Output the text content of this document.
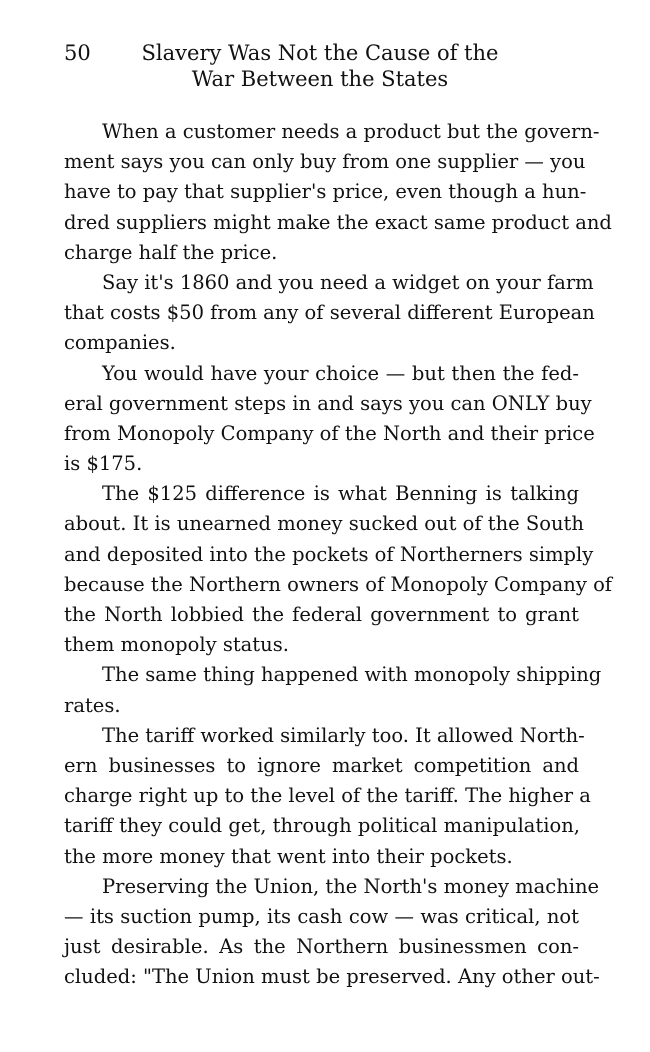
50 Slavery Was Not the Cause of the
War Between the States
When a customer needs a product but the govern-
ment says you can only buy from one supplier — you
have to pay that supplier's price, even though a hun-
dred suppliers might make the exact same product and
charge half the price.
Say it's 1860 and you need a widget on your farm
that costs $50 from any of several different European
companies.
You would have your choice — but then the fed-
eral government steps in and says you can ONLY buy
from Monopoly Company of the North and their price
is $175.
The $125 difference is what Benning is talking
about. It is unearned money sucked out of the South
and deposited into the pockets of Northerners simply
because the Northern owners of Monopoly Company of
the North lobbied the federal government to grant
them monopoly status.
The same thing happened with monopoly shipping
rates.
The tariff worked similarly too. It allowed North-
ern businesses to ignore market competition and
charge right up to the level of the tariff. The higher a
tariff they could get, through political manipulation,
the more money that went into their pockets.
Preserving the Union, the North's money machine
— its suction pump, its cash cow — was critical, not
just desirable. As the Northern businessmen con-
cluded: "The Union must be preserved. Any other out-
